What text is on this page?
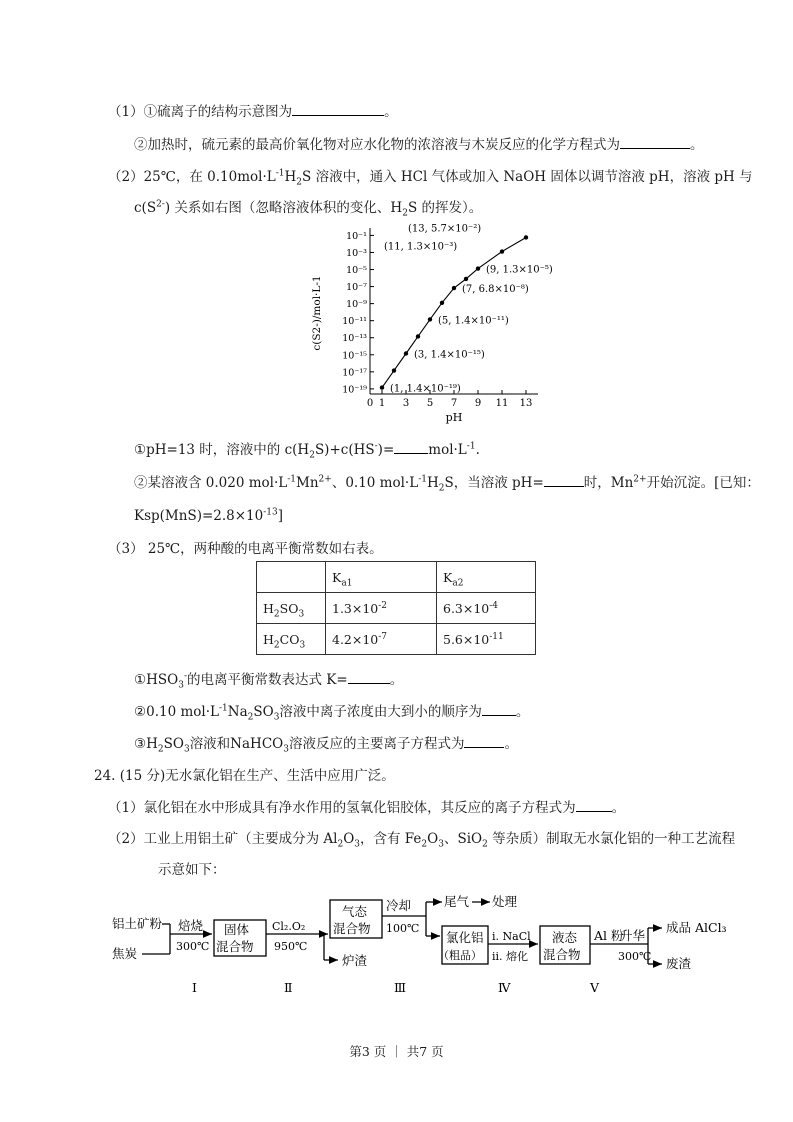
（1）①硫离子的结构示意图为	。
②加热时，硫元素的最高价氧化物对应水化物的浓溶液与木炭反应的化学方程式为	。
（2）25℃，在 $0.10mol\cdot L^{-1}H_2S$ 溶液中，通入 HCl 气体或加入 NaOH 固体以调节溶液 pH，溶液 pH 与
$c(S^{2-})$ 关系如右图（忽略溶液体积的变化、$H_2S$ 的挥发）。
10⁻¹
10⁻³
10⁻⁵
10⁻⁷
10⁻⁹
10⁻¹¹
10⁻¹³
10⁻¹⁵
10⁻¹⁷
10⁻¹⁹
0 1 3 5 7 9 11 13
pH
c(S2-)/mol·L-1
(1, 1.4×10⁻¹⁹)
(3, 1.4×10⁻¹⁵)
(5, 1.4×10⁻¹¹)
(7, 6.8×10⁻⁸)
(9, 1.3×10⁻⁵)
(11, 1.3×10⁻³)
(13, 5.7×10⁻²)
①pH=13 时，溶液中的 $c(H_2S)+c(HS^-)=$	$mol\cdot L^{-1}$.
②某溶液含 0.020 $mol\cdot L^{-1}Mn^{2+}$、0.10 $mol\cdot L^{-1}H_2S$，当溶液 pH=	时，$Mn^{2+}$开始沉淀。[已知：
$Ksp(MnS)=2.8\times 10^{-13}$]
（3） 25℃，两种酸的电离平衡常数如右表。
	$K_{a1}$	$K_{a2}$
$H_2SO_3$	$1.3\times 10^{-2}$	$6.3\times 10^{-4}$
$H_2CO_3$	$4.2\times 10^{-7}$	$5.6\times 10^{-11}$
$①HSO_3^-$的电离平衡常数表达式 K=	。
②0.10 $mol\cdot L^{-1}Na_2SO_3$溶液中离子浓度由大到小的顺序为	。
$③H_2SO_3$溶液和NaHCO$_3$溶液反应的主要离子方程式为	。
24. (15 分)无水氯化铝在生产、生活中应用广泛。
（1）氯化铝在水中形成具有净水作用的氢氧化铝胶体，其反应的离子方程式为	。
（2）工业上用铝土矿（主要成分为 $Al_2O_3$，含有 $Fe_2O_3$、SiO$_2$ 等杂质）制取无水氯化铝的一种工艺流程
示意如下：
铝土矿粉
焦炭
焙烧
300℃
固体
混合物
Cl₂.O₂
950℃
气态
混合物
炉渣
冷却
100℃
尾气 处理
氯化铝
（粗品）
i. NaCl
ii. 熔化
液态
混合物
Al 粉
升华
300℃
成品 AlCl₃
废渣
Ⅰ	Ⅱ	Ⅲ	Ⅳ	Ⅴ
第3 页 ｜ 共7 页
